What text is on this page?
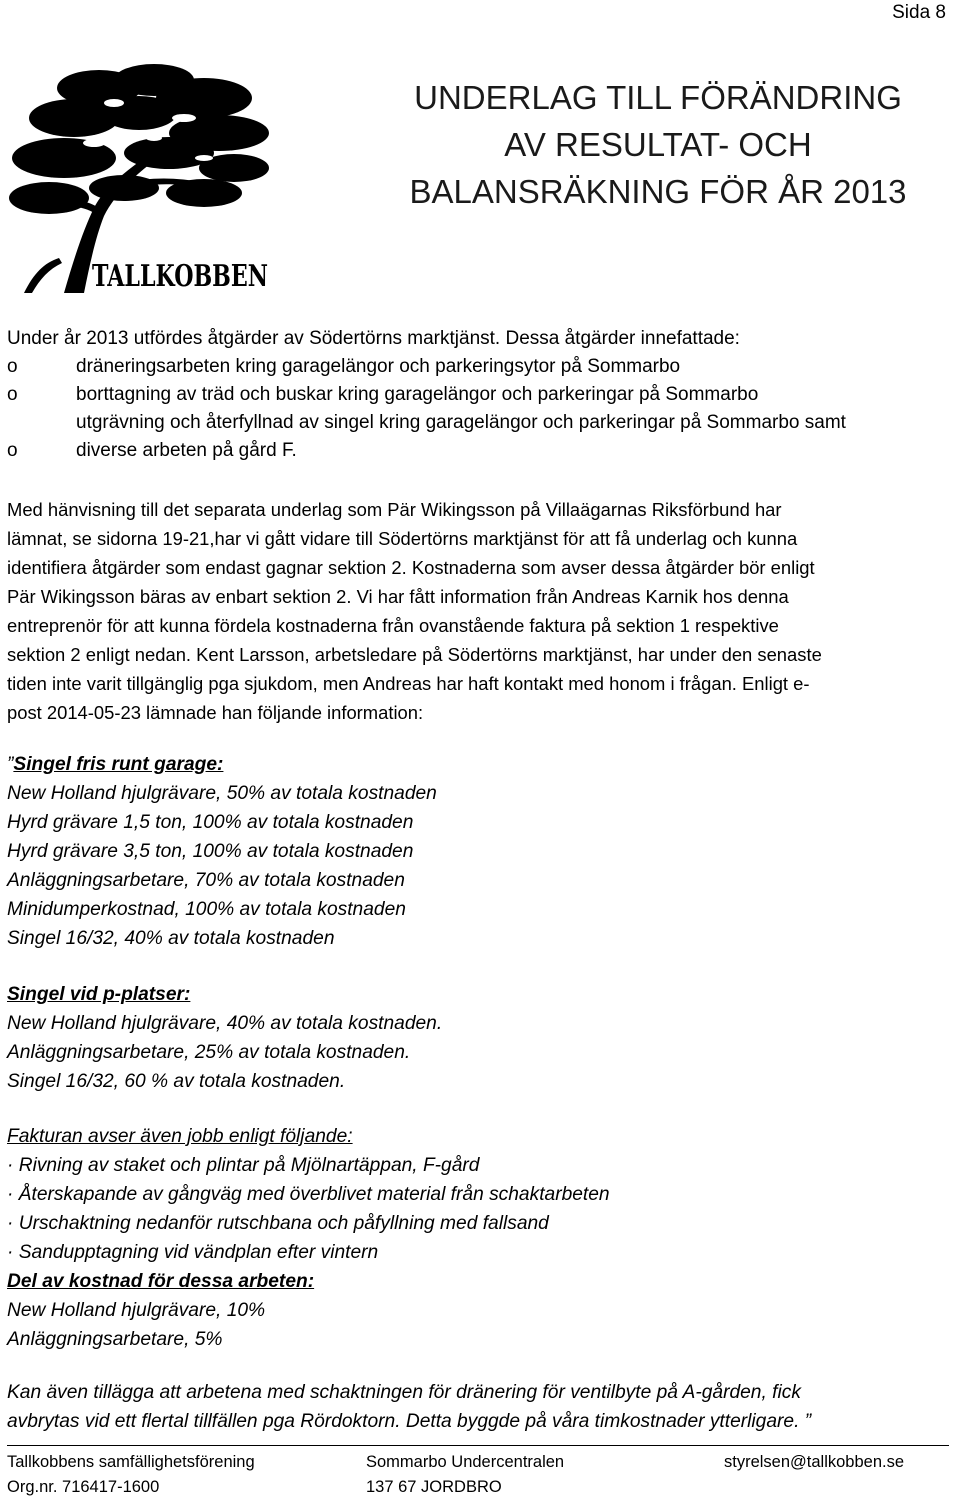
Sida 8
TALLKOBBEN
UNDERLAG TILL FÖRÄNDRING
AV RESULTAT- OCH
BALANSRÄKNING FÖR ÅR 2013
Under år 2013 utfördes åtgärder av Södertörns marktjänst. Dessa åtgärder innefattade:
o	dräneringsarbeten kring garagelängor och parkeringsytor på Sommarbo
o	borttagning av träd och buskar kring garagelängor och parkeringar på Sommarbo
utgrävning och återfyllnad av singel kring garagelängor och parkeringar på Sommarbo samt
o	diverse arbeten på gård F.
Med hänvisning till det separata underlag som Pär Wikingsson på Villaägarnas Riksförbund har
lämnat, se sidorna 19-21,har vi gått vidare till Södertörns marktjänst för att få underlag och kunna
identifiera åtgärder som endast gagnar sektion 2. Kostnaderna som avser dessa åtgärder bör enligt
Pär Wikingsson bäras av enbart sektion 2. Vi har fått information från Andreas Karnik hos denna
entreprenör för att kunna fördela kostnaderna från ovanstående faktura på sektion 1 respektive
sektion 2 enligt nedan. Kent Larsson, arbetsledare på Södertörns marktjänst, har under den senaste
tiden inte varit tillgänglig pga sjukdom, men Andreas har haft kontakt med honom i frågan. Enligt e-
post 2014-05-23 lämnade han följande information:
”Singel fris runt garage:
New Holland hjulgrävare, 50% av totala kostnaden
Hyrd grävare 1,5 ton, 100% av totala kostnaden
Hyrd grävare 3,5 ton, 100% av totala kostnaden
Anläggningsarbetare, 70% av totala kostnaden
Minidumperkostnad, 100% av totala kostnaden
Singel 16/32, 40% av totala kostnaden
Singel vid p-platser:
New Holland hjulgrävare, 40% av totala kostnaden.
Anläggningsarbetare, 25% av totala kostnaden.
Singel 16/32, 60 % av totala kostnaden.
Fakturan avser även jobb enligt följande:
· Rivning av staket och plintar på Mjölnartäppan, F-gård
· Återskapande av gångväg med överblivet material från schaktarbeten
· Urschaktning nedanför rutschbana och påfyllning med fallsand
· Sandupptagning vid vändplan efter vintern
Del av kostnad för dessa arbeten:
New Holland hjulgrävare, 10%
Anläggningsarbetare, 5%
Kan även tillägga att arbetena med schaktningen för dränering för ventilbyte på A-gården, fick
avbrytas vid ett flertal tillfällen pga Rördoktorn. Detta byggde på våra timkostnader ytterligare. ”
Tallkobbens samfällighetsförening
Org.nr. 716417-1600
Sommarbo Undercentralen
137 67 JORDBRO
styrelsen@tallkobben.se
